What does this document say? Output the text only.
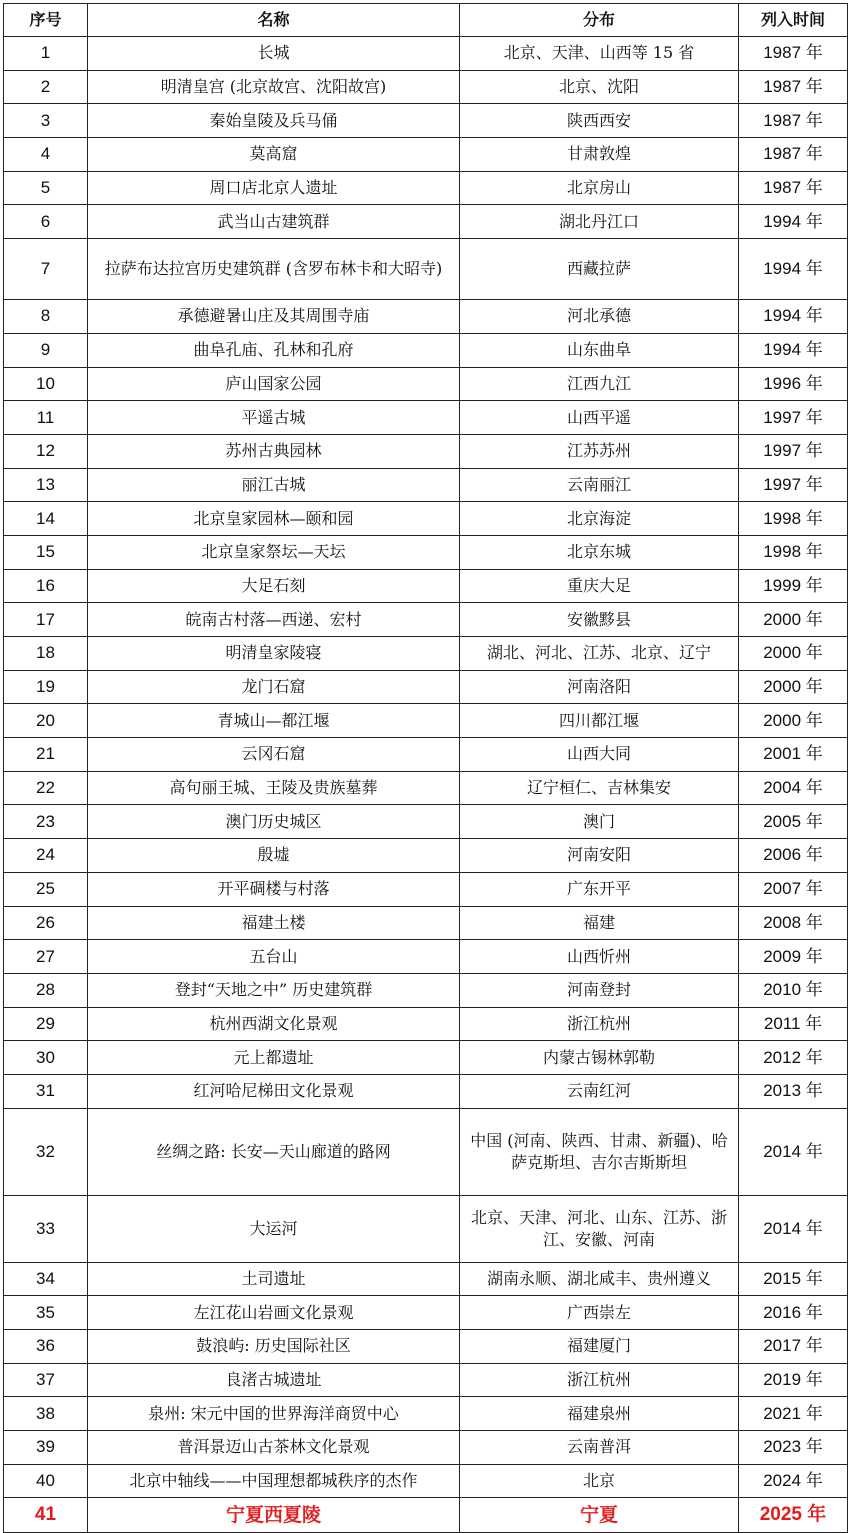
序号	名称	分布	列入时间
1	长城	北京、天津、山西等 15 省	1987 年
2	明清皇宫 (北京故宫、沈阳故宫)	北京、沈阳	1987 年
3	秦始皇陵及兵马俑	陕西西安	1987 年
4	莫高窟	甘肃敦煌	1987 年
5	周口店北京人遗址	北京房山	1987 年
6	武当山古建筑群	湖北丹江口	1994 年
7	拉萨布达拉宫历史建筑群 (含罗布林卡和大昭寺)	西藏拉萨	1994 年
8	承德避暑山庄及其周围寺庙	河北承德	1994 年
9	曲阜孔庙、孔林和孔府	山东曲阜	1994 年
10	庐山国家公园	江西九江	1996 年
11	平遥古城	山西平遥	1997 年
12	苏州古典园林	江苏苏州	1997 年
13	丽江古城	云南丽江	1997 年
14	北京皇家园林—颐和园	北京海淀	1998 年
15	北京皇家祭坛—天坛	北京东城	1998 年
16	大足石刻	重庆大足	1999 年
17	皖南古村落—西递、宏村	安徽黟县	2000 年
18	明清皇家陵寝	湖北、河北、江苏、北京、辽宁	2000 年
19	龙门石窟	河南洛阳	2000 年
20	青城山—都江堰	四川都江堰	2000 年
21	云冈石窟	山西大同	2001 年
22	高句丽王城、王陵及贵族墓葬	辽宁桓仁、吉林集安	2004 年
23	澳门历史城区	澳门	2005 年
24	殷墟	河南安阳	2006 年
25	开平碉楼与村落	广东开平	2007 年
26	福建土楼	福建	2008 年
27	五台山	山西忻州	2009 年
28	登封“天地之中” 历史建筑群	河南登封	2010 年
29	杭州西湖文化景观	浙江杭州	2011 年
30	元上都遗址	内蒙古锡林郭勒	2012 年
31	红河哈尼梯田文化景观	云南红河	2013 年
32	丝绸之路: 长安—天山廊道的路网	中国 (河南、陕西、甘肃、新疆)、哈萨克斯坦、吉尔吉斯斯坦	2014 年
33	大运河	北京、天津、河北、山东、江苏、浙江、安徽、河南	2014 年
34	土司遗址	湖南永顺、湖北咸丰、贵州遵义	2015 年
35	左江花山岩画文化景观	广西崇左	2016 年
36	鼓浪屿: 历史国际社区	福建厦门	2017 年
37	良渚古城遗址	浙江杭州	2019 年
38	泉州: 宋元中国的世界海洋商贸中心	福建泉州	2021 年
39	普洱景迈山古茶林文化景观	云南普洱	2023 年
40	北京中轴线——中国理想都城秩序的杰作	北京	2024 年
41	宁夏西夏陵	宁夏	2025 年
